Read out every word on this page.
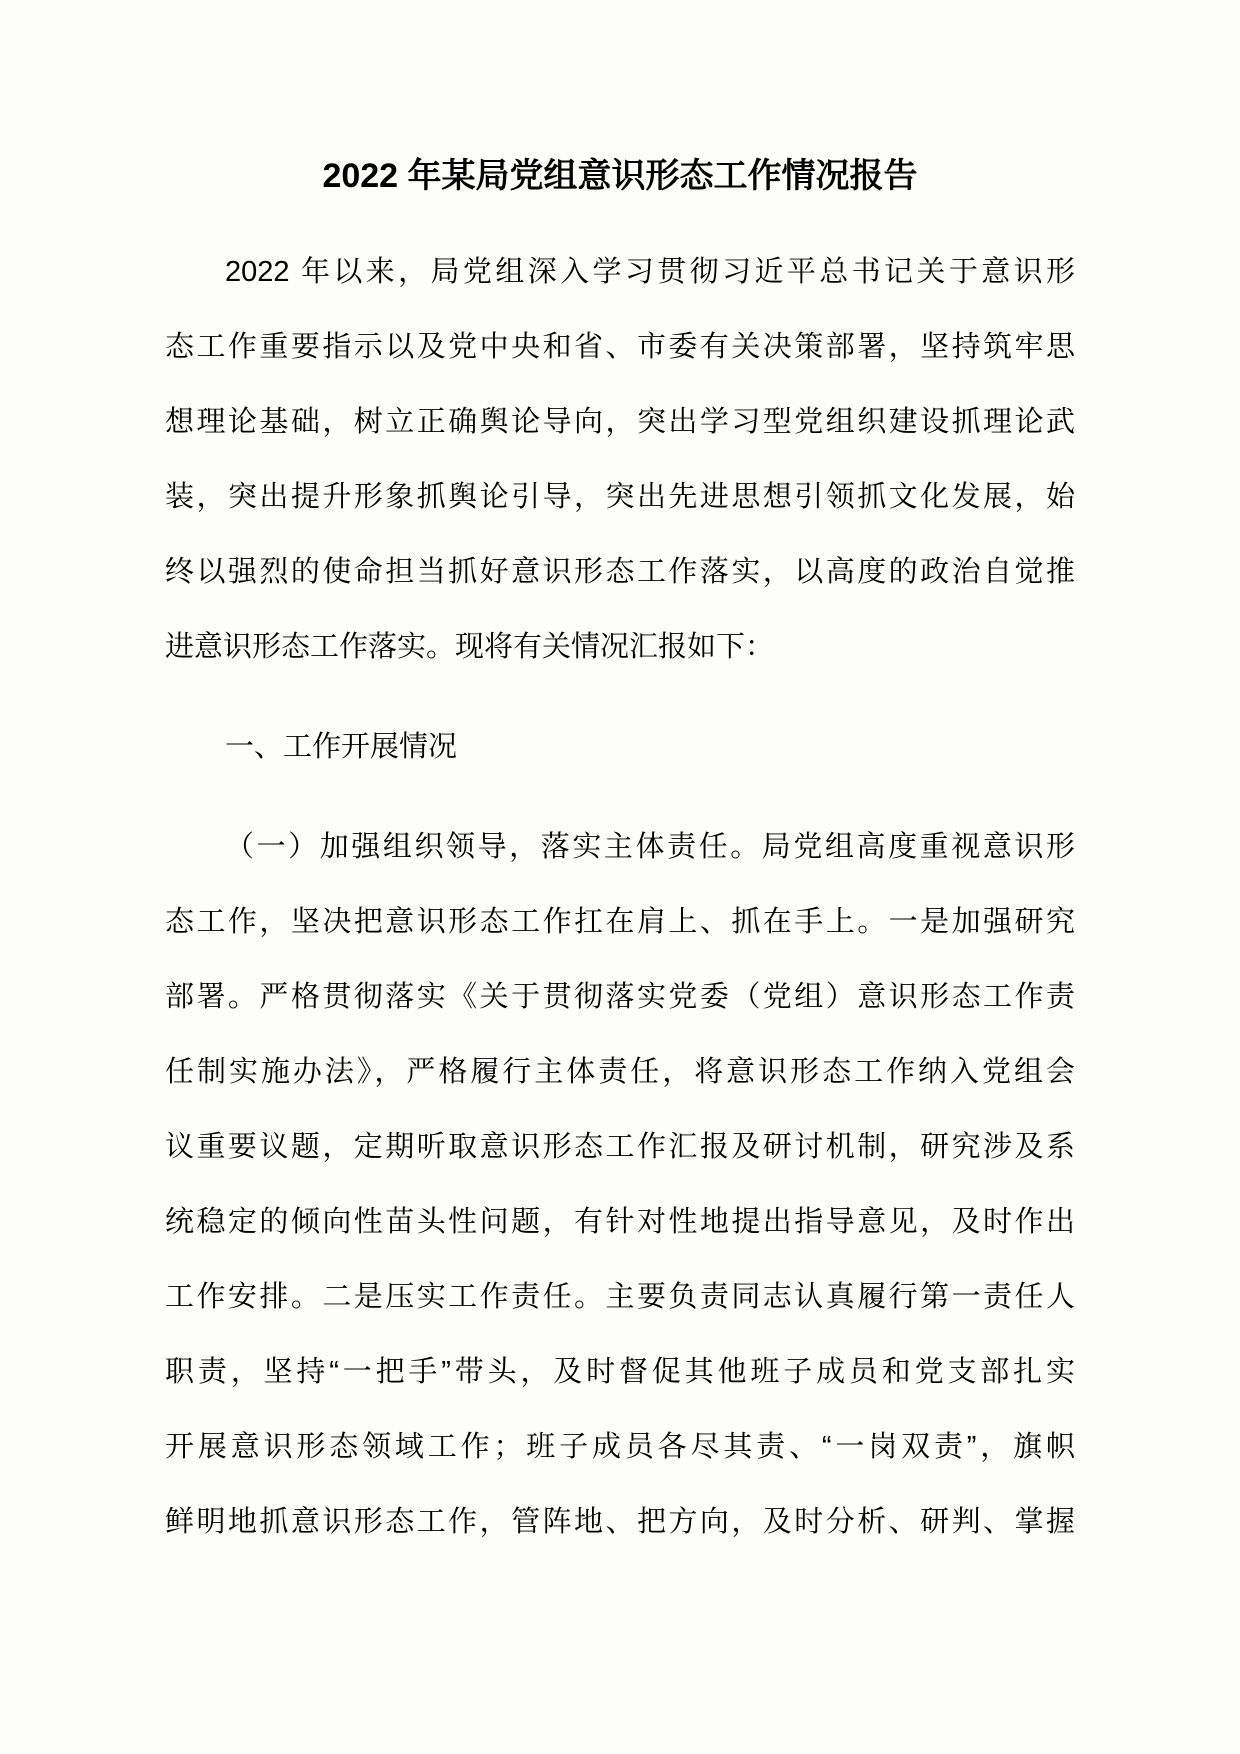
2022 年某局党组意识形态工作情况报告
2022 年以来，局党组深入学习贯彻习近平总书记关于意识形
态工作重要指示以及党中央和省、市委有关决策部署，坚持筑牢思
想理论基础，树立正确舆论导向，突出学习型党组织建设抓理论武
装，突出提升形象抓舆论引导，突出先进思想引领抓文化发展，始
终以强烈的使命担当抓好意识形态工作落实，以高度的政治自觉推
进意识形态工作落实。现将有关情况汇报如下：
一、工作开展情况
（一）加强组织领导，落实主体责任。局党组高度重视意识形
态工作，坚决把意识形态工作扛在肩上、抓在手上。一是加强研究
部署。严格贯彻落实《关于贯彻落实党委（党组）意识形态工作责
任制实施办法》，严格履行主体责任，将意识形态工作纳入党组会
议重要议题，定期听取意识形态工作汇报及研讨机制，研究涉及系
统稳定的倾向性苗头性问题，有针对性地提出指导意见，及时作出
工作安排。二是压实工作责任。主要负责同志认真履行第一责任人
职责，坚持“一把手”带头，及时督促其他班子成员和党支部扎实
开展意识形态领域工作；班子成员各尽其责、“一岗双责”，旗帜
鲜明地抓意识形态工作，管阵地、把方向，及时分析、研判、掌握
